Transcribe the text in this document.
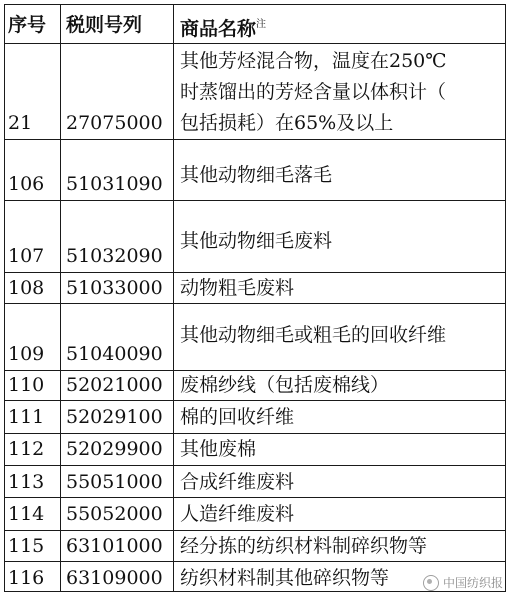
序号 税则号列 商品名称$^注$
21 27075000
其他芳烃混合物，温度在250℃
时蒸馏出的芳烃含量以体积计（
包括损耗）在65%及以上
106 51031090 其他动物细毛落毛
107 51032090
其他动物细毛废料
108 51033000 动物粗毛废料
109 51040090
其他动物细毛或粗毛的回收纤维
110 52021000 废棉纱线（包括废棉线）
111 52029100 棉的回收纤维
112 52029900 其他废棉
113 55051000 合成纤维废料
114 55052000 人造纤维废料
115 63101000 经分拣的纺织材料制碎织物等
116 63109000 纺织材料制其他碎织物等	中国纺织报
